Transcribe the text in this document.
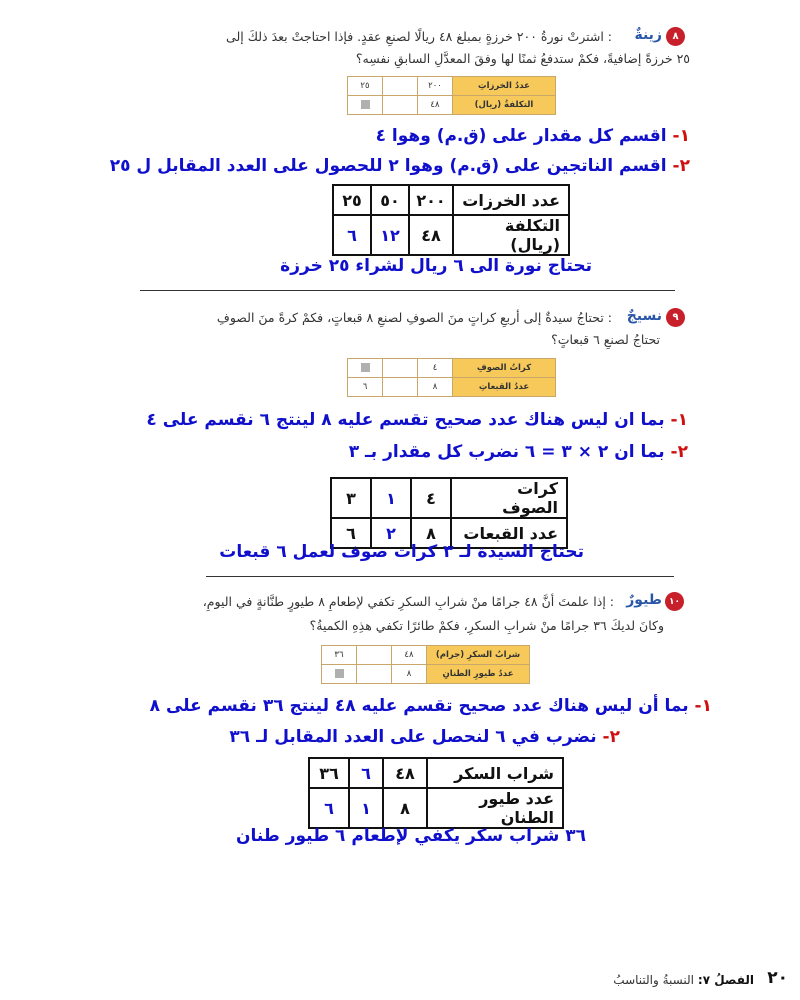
٨
زينةٌ
: اشترتْ نورةُ ٢٠٠ خرزةٍ بمبلغ ٤٨ ريالًا لصنعِ عقدٍ. فإذا احتاجتْ بعدَ ذلكَ إلى
٢٥ خرزةً إضافيةً، فكمْ ستدفعُ ثمنًا لها وفقَ المعدَّلِ السابقِ نفسِه؟
عددُ الخرزاتِ	٢٠٠		٢٥
التكلفةُ (ريال)	٤٨		
١- اقسم كل مقدار على (ق.م) وهوا ٤
٢- اقسم الناتجين على (ق.م) وهوا ٢ للحصول على العدد المقابل ل ٢٥
عدد الخرزات	٢٠٠	٥٠	٢٥
التكلفة (ريال)	٤٨	١٢	٦
تحتاج نورة الى ٦ ريال لشراء ٢٥ خرزة
٩
نسيجٌ
: تحتاجُ سيدةٌ إلى أربعِ كراتٍ منَ الصوفِ لصنعِ ٨ قبعاتٍ، فكمْ كرةً منَ الصوفِ
تحتاجُ لصنعِ ٦ قبعاتٍ؟
كراتُ الصوفِ	٤		
عددُ القبعاتِ	٨		٦
١- بما ان ليس هناك عدد صحيح تقسم عليه ٨ لينتج ٦ نقسم على ٤
٢- بما ان ٢ × ٣ = ٦ نضرب كل مقدار بـ ٣
كرات الصوف	٤	١	٣
عدد القبعات	٨	٢	٦
تحتاج السيدة لـ ٣ كرات صوف لعمل ٦ قبعات
١٠
طيورٌ
: إذا علمتَ أنَّ ٤٨ جرامًا منْ شرابِ السكرِ تكفي لإطعامِ ٨ طيورٍ طنَّانةٍ في اليومِ،
وكانَ لديكَ ٣٦ جرامًا منْ شرابِ السكرِ، فكمْ طائرًا تكفي هذِهِ الكميةُ؟
شرابُ السكرِ (جرام)	٤٨		٣٦
عددُ طيورِ الطنانِ	٨		
١- بما أن ليس هناك عدد صحيح تقسم عليه ٤٨ لينتج ٣٦ نقسم على ٨
٢- نضرب في ٦ لنحصل على العدد المقابل لـ ٣٦
شراب السكر	٤٨	٦	٣٦
عدد طيور الطنان	٨	١	٦
٣٦ شراب سكر يكفي لإطعام ٦ طيور طنان
٢٠
الفصلُ ٧:
النسبةُ والتناسبُ
